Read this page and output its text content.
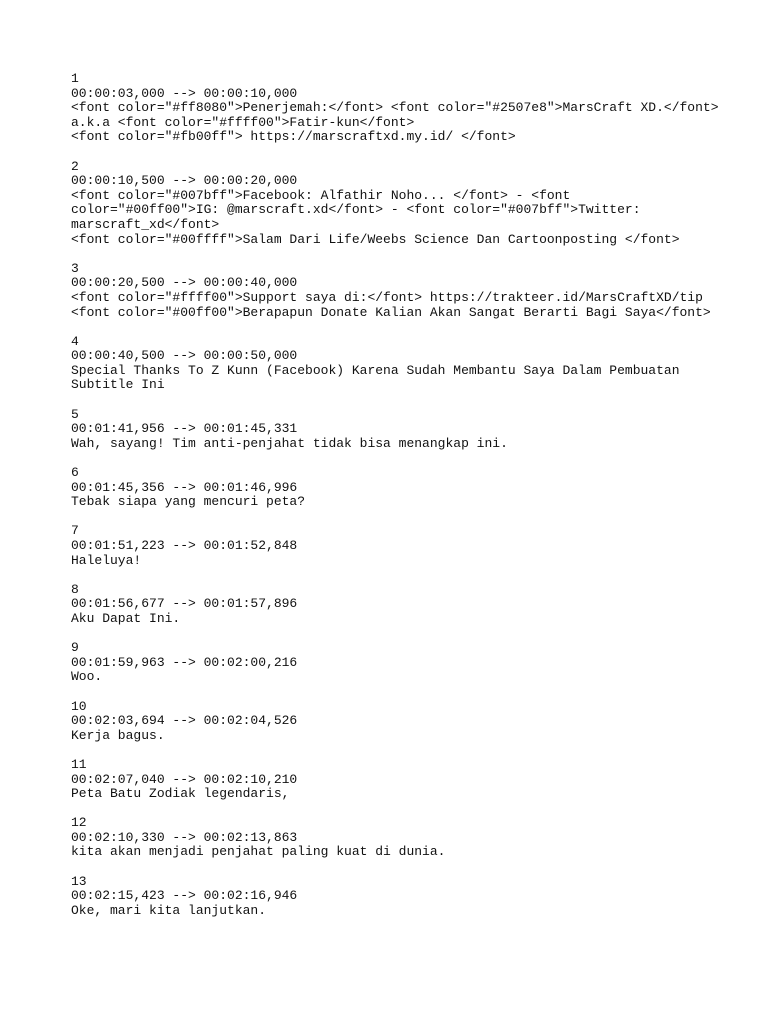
1
00:00:03,000 --> 00:00:10,000
<font color="#ff8080">Penerjemah:</font> <font color="#2507e8">MarsCraft XD.</font>
a.k.a <font color="#ffff00">Fatir-kun</font>
<font color="#fb00ff"> https://marscraftxd.my.id/ </font>
2
00:00:10,500 --> 00:00:20,000
<font color="#007bff">Facebook: Alfathir Noho... </font> - <font
color="#00ff00">IG: @marscraft.xd</font> - <font color="#007bff">Twitter:
marscraft_xd</font>
<font color="#00ffff">Salam Dari Life/Weebs Science Dan Cartoonposting </font>
3
00:00:20,500 --> 00:00:40,000
<font color="#ffff00">Support saya di:</font> https://trakteer.id/MarsCraftXD/tip
<font color="#00ff00">Berapapun Donate Kalian Akan Sangat Berarti Bagi Saya</font>
4
00:00:40,500 --> 00:00:50,000
Special Thanks To Z Kunn (Facebook) Karena Sudah Membantu Saya Dalam Pembuatan
Subtitle Ini
5
00:01:41,956 --> 00:01:45,331
Wah, sayang! Tim anti-penjahat tidak bisa menangkap ini.
6
00:01:45,356 --> 00:01:46,996
Tebak siapa yang mencuri peta?
7
00:01:51,223 --> 00:01:52,848
Haleluya!
8
00:01:56,677 --> 00:01:57,896
Aku Dapat Ini.
9
00:01:59,963 --> 00:02:00,216
Woo.
10
00:02:03,694 --> 00:02:04,526
Kerja bagus.
11
00:02:07,040 --> 00:02:10,210
Peta Batu Zodiak legendaris,
12
00:02:10,330 --> 00:02:13,863
kita akan menjadi penjahat paling kuat di dunia.
13
00:02:15,423 --> 00:02:16,946
Oke, mari kita lanjutkan.
